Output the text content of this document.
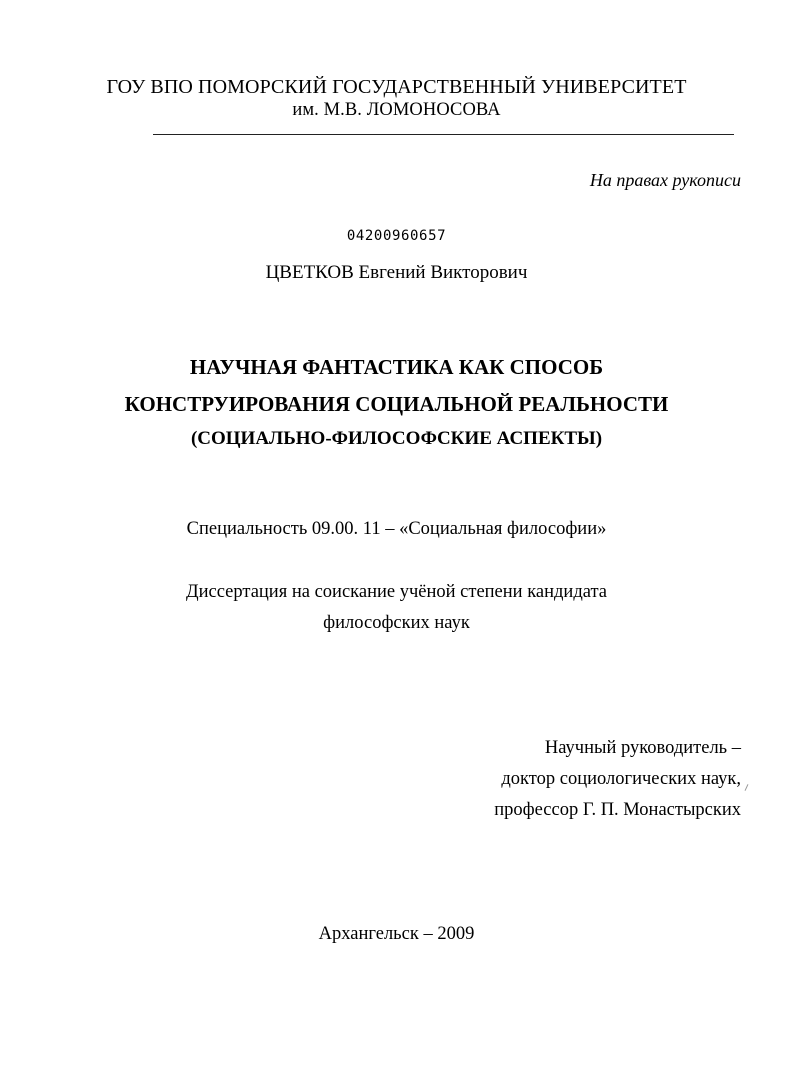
ГОУ ВПО ПОМОРСКИЙ ГОСУДАРСТВЕННЫЙ УНИВЕРСИТЕТ
им. М.В. ЛОМОНОСОВА
На правах рукописи
04200960657
ЦВЕТКОВ Евгений Викторович
НАУЧНАЯ ФАНТАСТИКА КАК СПОСОБ
КОНСТРУИРОВАНИЯ СОЦИАЛЬНОЙ РЕАЛЬНОСТИ
(СОЦИАЛЬНО-ФИЛОСОФСКИЕ АСПЕКТЫ)
Специальность 09.00. 11 – «Социальная философии»
Диссертация на соискание учёной степени кандидата
философских наук
Научный руководитель –
доктор социологических наук,
профессор Г. П. Монастырских
Архангельск – 2009
